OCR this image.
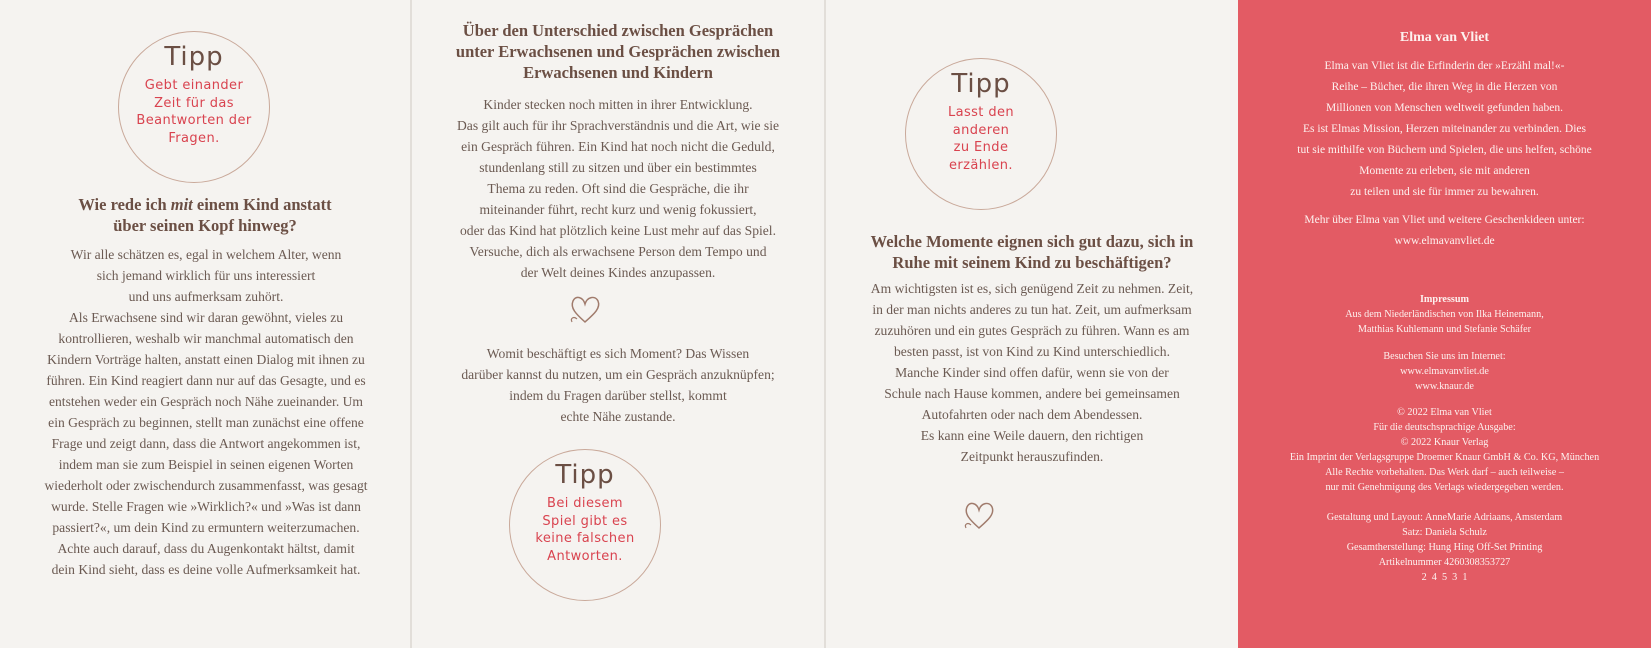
Tipp
Gebt einander
Zeit für das
Beantworten der
Fragen.
Wie rede ich mit einem Kind anstatt
über seinen Kopf hinweg?
Wir alle schätzen es, egal in welchem Alter, wenn
sich jemand wirklich für uns interessiert
und uns aufmerksam zuhört.
Als Erwachsene sind wir daran gewöhnt, vieles zu
kontrollieren, weshalb wir manchmal automatisch den
Kindern Vorträge halten, anstatt einen Dialog mit ihnen zu
führen. Ein Kind reagiert dann nur auf das Gesagte, und es
entstehen weder ein Gespräch noch Nähe zueinander. Um
ein Gespräch zu beginnen, stellt man zunächst eine offene
Frage und zeigt dann, dass die Antwort angekommen ist,
indem man sie zum Beispiel in seinen eigenen Worten
wiederholt oder zwischendurch zusammenfasst, was gesagt
wurde. Stelle Fragen wie »Wirklich?« und »Was ist dann
passiert?«, um dein Kind zu ermuntern weiterzumachen.
Achte auch darauf, dass du Augenkontakt hältst, damit
dein Kind sieht, dass es deine volle Aufmerksamkeit hat.
Über den Unterschied zwischen Gesprächen
unter Erwachsenen und Gesprächen zwischen
Erwachsenen und Kindern
Kinder stecken noch mitten in ihrer Entwicklung.
Das gilt auch für ihr Sprachverständnis und die Art, wie sie
ein Gespräch führen. Ein Kind hat noch nicht die Geduld,
stundenlang still zu sitzen und über ein bestimmtes
Thema zu reden. Oft sind die Gespräche, die ihr
miteinander führt, recht kurz und wenig fokussiert,
oder das Kind hat plötzlich keine Lust mehr auf das Spiel.
Versuche, dich als erwachsene Person dem Tempo und
der Welt deines Kindes anzupassen.
Womit beschäftigt es sich Moment? Das Wissen
darüber kannst du nutzen, um ein Gespräch anzuknüpfen;
indem du Fragen darüber stellst, kommt
echte Nähe zustande.
Tipp
Bei diesem
Spiel gibt es
keine falschen
Antworten.
Tipp
Lasst den
anderen
zu Ende
erzählen.
Welche Momente eignen sich gut dazu, sich in
Ruhe mit seinem Kind zu beschäftigen?
Am wichtigsten ist es, sich genügend Zeit zu nehmen. Zeit,
in der man nichts anderes zu tun hat. Zeit, um aufmerksam
zuzuhören und ein gutes Gespräch zu führen. Wann es am
besten passt, ist von Kind zu Kind unterschiedlich.
Manche Kinder sind offen dafür, wenn sie von der
Schule nach Hause kommen, andere bei gemeinsamen
Autofahrten oder nach dem Abendessen.
Es kann eine Weile dauern, den richtigen
Zeitpunkt herauszufinden.
Elma van Vliet
Elma van Vliet ist die Erfinderin der »Erzähl mal!«-
Reihe – Bücher, die ihren Weg in die Herzen von
Millionen von Menschen weltweit gefunden haben.
Es ist Elmas Mission, Herzen miteinander zu verbinden. Dies
tut sie mithilfe von Büchern und Spielen, die uns helfen, schöne
Momente zu erleben, sie mit anderen
zu teilen und sie für immer zu bewahren.
Mehr über Elma van Vliet und weitere Geschenkideen unter:
www.elmavanvliet.de
Impressum
Aus dem Niederländischen von Ilka Heinemann,
Matthias Kuhlemann und Stefanie Schäfer
Besuchen Sie uns im Internet:
www.elmavanvliet.de
www.knaur.de
© 2022 Elma van Vliet
Für die deutschsprachige Ausgabe:
© 2022 Knaur Verlag
Ein Imprint der Verlagsgruppe Droemer Knaur GmbH & Co. KG, München
Alle Rechte vorbehalten. Das Werk darf – auch teilweise –
nur mit Genehmigung des Verlags wiedergegeben werden.
Gestaltung und Layout: AnneMarie Adriaans, Amsterdam
Satz: Daniela Schulz
Gesamtherstellung: Hung Hing Off-Set Printing
Artikelnummer 4260308353727
2  4  5  3  1
